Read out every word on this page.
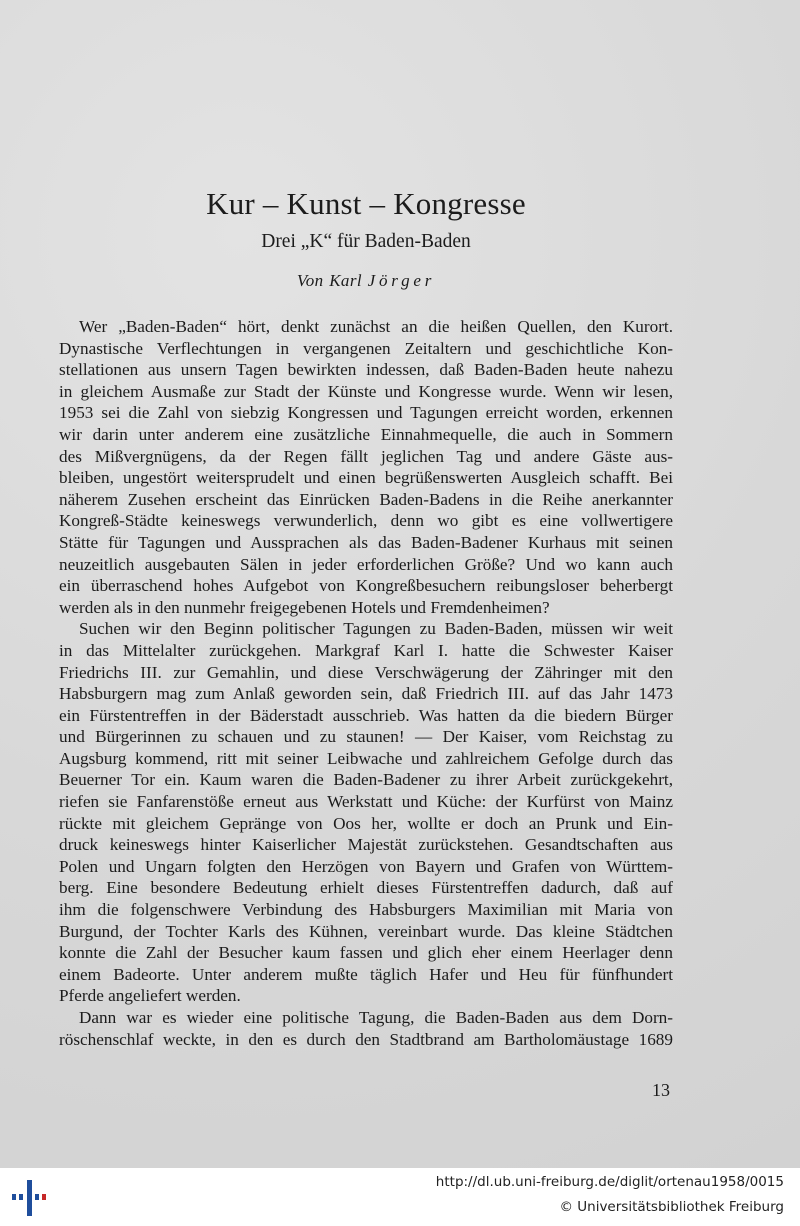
Kur – Kunst – Kongresse

Drei „K“ für Baden-Baden

Von Karl Jörger

Wer „Baden-Baden“ hört, denkt zunächst an die heißen Quellen, den Kurort.
Dynastische Verflechtungen in vergangenen Zeitaltern und geschichtliche Kon-
stellationen aus unsern Tagen bewirkten indessen, daß Baden-Baden heute nahezu
in gleichem Ausmaße zur Stadt der Künste und Kongresse wurde. Wenn wir lesen,
1953 sei die Zahl von siebzig Kongressen und Tagungen erreicht worden, erkennen
wir darin unter anderem eine zusätzliche Einnahmequelle, die auch in Sommern
des Mißvergnügens, da der Regen fällt jeglichen Tag und andere Gäste aus-
bleiben, ungestört weitersprudelt und einen begrüßenswerten Ausgleich schafft. Bei
näherem Zusehen erscheint das Einrücken Baden-Badens in die Reihe anerkannter
Kongreß-Städte keineswegs verwunderlich, denn wo gibt es eine vollwertigere
Stätte für Tagungen und Aussprachen als das Baden-Badener Kurhaus mit seinen
neuzeitlich ausgebauten Sälen in jeder erforderlichen Größe? Und wo kann auch
ein überraschend hohes Aufgebot von Kongreßbesuchern reibungsloser beherbergt
werden als in den nunmehr freigegebenen Hotels und Fremdenheimen?
Suchen wir den Beginn politischer Tagungen zu Baden-Baden, müssen wir weit
in das Mittelalter zurückgehen. Markgraf Karl I. hatte die Schwester Kaiser
Friedrichs III. zur Gemahlin, und diese Verschwägerung der Zähringer mit den
Habsburgern mag zum Anlaß geworden sein, daß Friedrich III. auf das Jahr 1473
ein Fürstentreffen in der Bäderstadt ausschrieb. Was hatten da die biedern Bürger
und Bürgerinnen zu schauen und zu staunen! — Der Kaiser, vom Reichstag zu
Augsburg kommend, ritt mit seiner Leibwache und zahlreichem Gefolge durch das
Beuerner Tor ein. Kaum waren die Baden-Badener zu ihrer Arbeit zurückgekehrt,
riefen sie Fanfarenstöße erneut aus Werkstatt und Küche: der Kurfürst von Mainz
rückte mit gleichem Gepränge von Oos her, wollte er doch an Prunk und Ein-
druck keineswegs hinter Kaiserlicher Majestät zurückstehen. Gesandtschaften aus
Polen und Ungarn folgten den Herzögen von Bayern und Grafen von Württem-
berg. Eine besondere Bedeutung erhielt dieses Fürstentreffen dadurch, daß auf
ihm die folgenschwere Verbindung des Habsburgers Maximilian mit Maria von
Burgund, der Tochter Karls des Kühnen, vereinbart wurde. Das kleine Städtchen
konnte die Zahl der Besucher kaum fassen und glich eher einem Heerlager denn
einem Badeorte. Unter anderem mußte täglich Hafer und Heu für fünfhundert
Pferde angeliefert werden.
Dann war es wieder eine politische Tagung, die Baden-Baden aus dem Dorn-
röschenschlaf weckte, in den es durch den Stadtbrand am Bartholomäustage 1689
13
http://dl.ub.uni-freiburg.de/diglit/ortenau1958/0015
© Universitätsbibliothek Freiburg
